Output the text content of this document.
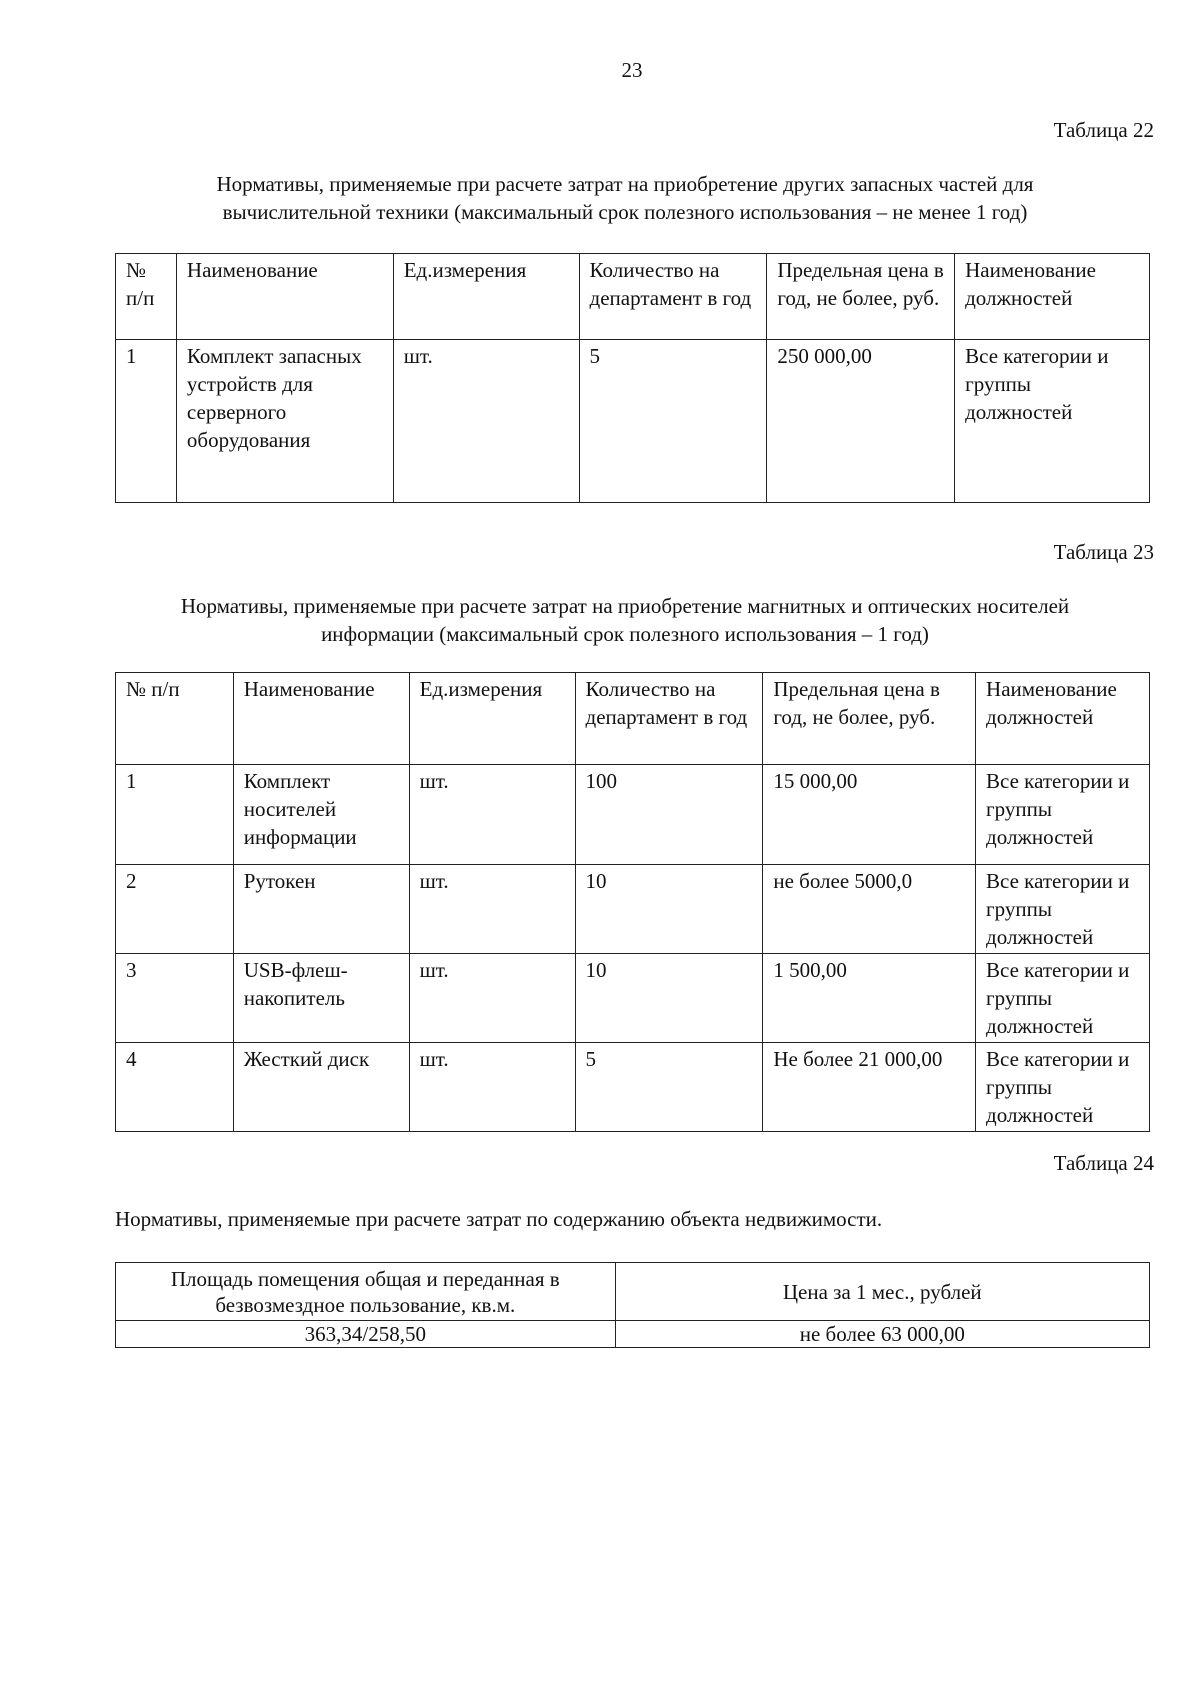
23
Таблица 22
Нормативы, применяемые при расчете затрат на приобретение других запасных частей для
вычислительной техники (максимальный срок полезного использования – не менее 1 год)
№ п/п	Наименование	Ед.измерения	Количество на департамент в год	Предельная цена в год, не более, руб.	Наименование должностей
1	Комплект запасных устройств для серверного оборудования	шт.	5	250 000,00	Все категории и группы должностей
Таблица 23
Нормативы, применяемые при расчете затрат на приобретение магнитных и оптических носителей
информации (максимальный срок полезного использования – 1 год)
№ п/п	Наименование	Ед.измерения	Количество на департамент в год	Предельная цена в год, не более, руб.	Наименование должностей
1	Комплект носителей информации	шт.	100	15 000,00	Все категории и группы должностей
2	Рутокен	шт.	10	не более 5000,0	Все категории и группы должностей
3	USB-флеш-накопитель	шт.	10	1 500,00	Все категории и группы должностей
4	Жесткий диск	шт.	5	Не более 21 000,00	Все категории и группы должностей
Таблица 24
Нормативы, применяемые при расчете затрат по содержанию объекта недвижимости.
Площадь помещения общая и переданная в безвозмездное пользование, кв.м.	Цена за 1 мес., рублей
363,34/258,50	не более 63 000,00
